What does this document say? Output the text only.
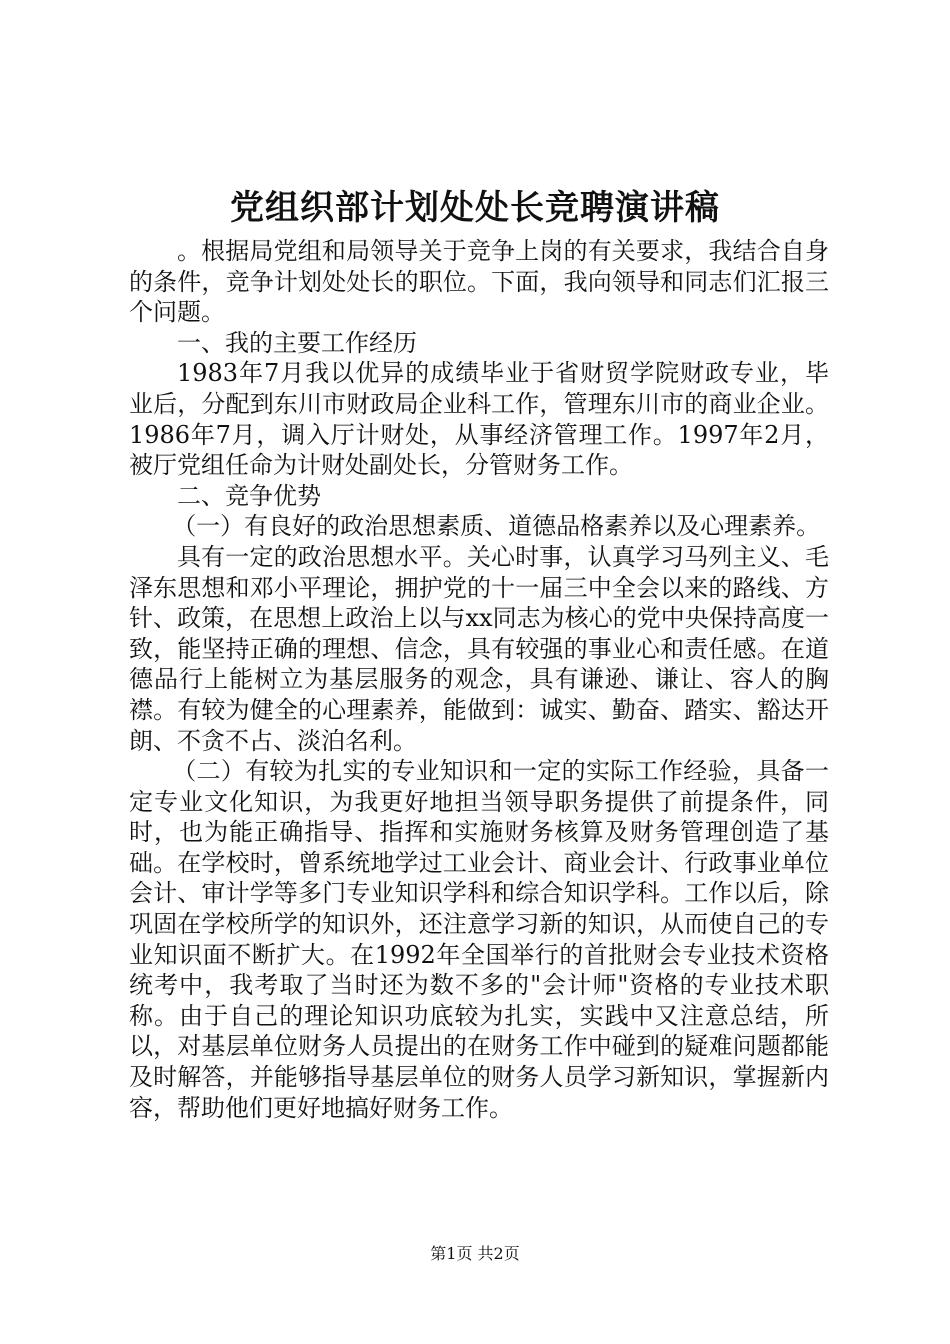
党组织部计划处处长竞聘演讲稿

。根据局党组和局领导关于竞争上岗的有关要求，我结合自身的条件，竞争计划处处长的职位。下面，我向领导和同志们汇报三个问题。

一、我的主要工作经历

1983年7月我以优异的成绩毕业于省财贸学院财政专业，毕业后，分配到东川市财政局企业科工作，管理东川市的商业企业。1986年7月，调入厅计财处，从事经济管理工作。1997年2月，被厅党组任命为计财处副处长，分管财务工作。

二、竞争优势

（一）有良好的政治思想素质、道德品格素养以及心理素养。

具有一定的政治思想水平。关心时事，认真学习马列主义、毛泽东思想和邓小平理论，拥护党的十一届三中全会以来的路线、方针、政策，在思想上政治上以与xx同志为核心的党中央保持高度一致，能坚持正确的理想、信念，具有较强的事业心和责任感。在道德品行上能树立为基层服务的观念，具有谦逊、谦让、容人的胸襟。有较为健全的心理素养，能做到：诚实、勤奋、踏实、豁达开朗、不贪不占、淡泊名利。

（二）有较为扎实的专业知识和一定的实际工作经验，具备一定专业文化知识，为我更好地担当领导职务提供了前提条件，同时，也为能正确指导、指挥和实施财务核算及财务管理创造了基础。在学校时，曾系统地学过工业会计、商业会计、行政事业单位会计、审计学等多门专业知识学科和综合知识学科。工作以后，除巩固在学校所学的知识外，还注意学习新的知识，从而使自己的专业知识面不断扩大。在1992年全国举行的首批财会专业技术资格统考中，我考取了当时还为数不多的"会计师"资格的专业技术职称。由于自己的理论知识功底较为扎实，实践中又注意总结，所以，对基层单位财务人员提出的在财务工作中碰到的疑难问题都能及时解答，并能够指导基层单位的财务人员学习新知识，掌握新内容，帮助他们更好地搞好财务工作。

第1页 共2页
